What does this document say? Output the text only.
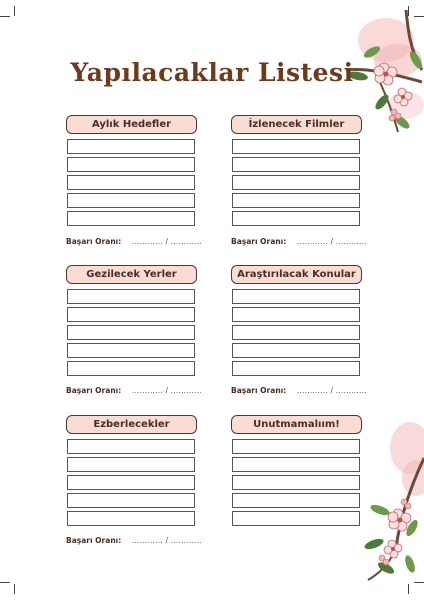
Yapılacaklar Listesi
Aylık Hedefler
Başarı Oranı: ............ / ............
İzlenecek Filmler
Başarı Oranı: ............ / ............
Gezilecek Yerler
Başarı Oranı: ............ / ............
Araştırılacak Konular
Başarı Oranı: ............ / ............
Ezberlecekler
Başarı Oranı: ............ / ............
Unutmamalıım!
